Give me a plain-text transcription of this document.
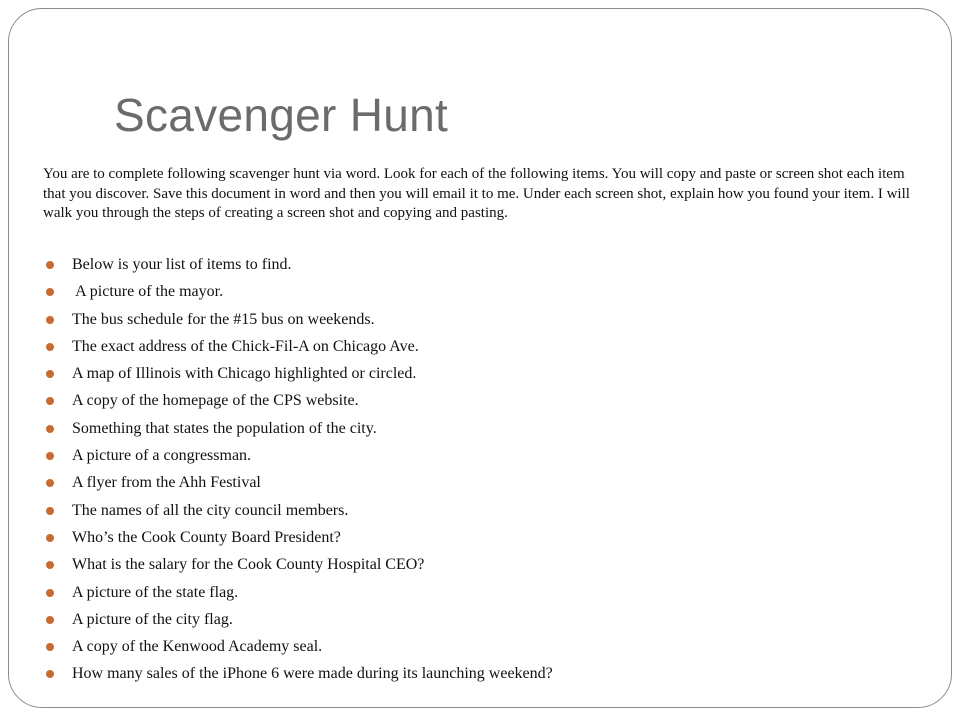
Scavenger Hunt

You are to complete following scavenger hunt via word. Look for each of the following items. You will copy and paste or screen shot each item that you discover. Save this document in word and then you will email it to me. Under each screen shot, explain how you found your item. I will walk you through the steps of creating a screen shot and copying and pasting.

Below is your list of items to find.
A picture of the mayor.
The bus schedule for the #15 bus on weekends.
The exact address of the Chick-Fil-A on Chicago Ave.
A map of Illinois with Chicago highlighted or circled.
A copy of the homepage of the CPS website.
Something that states the population of the city.
A picture of a congressman.
A flyer from the Ahh Festival
The names of all the city council members.
Who’s the Cook County Board President?
What is the salary for the Cook County Hospital CEO?
A picture of the state flag.
A picture of the city flag.
A copy of the Kenwood Academy seal.
How many sales of the iPhone 6 were made during its launching weekend?
